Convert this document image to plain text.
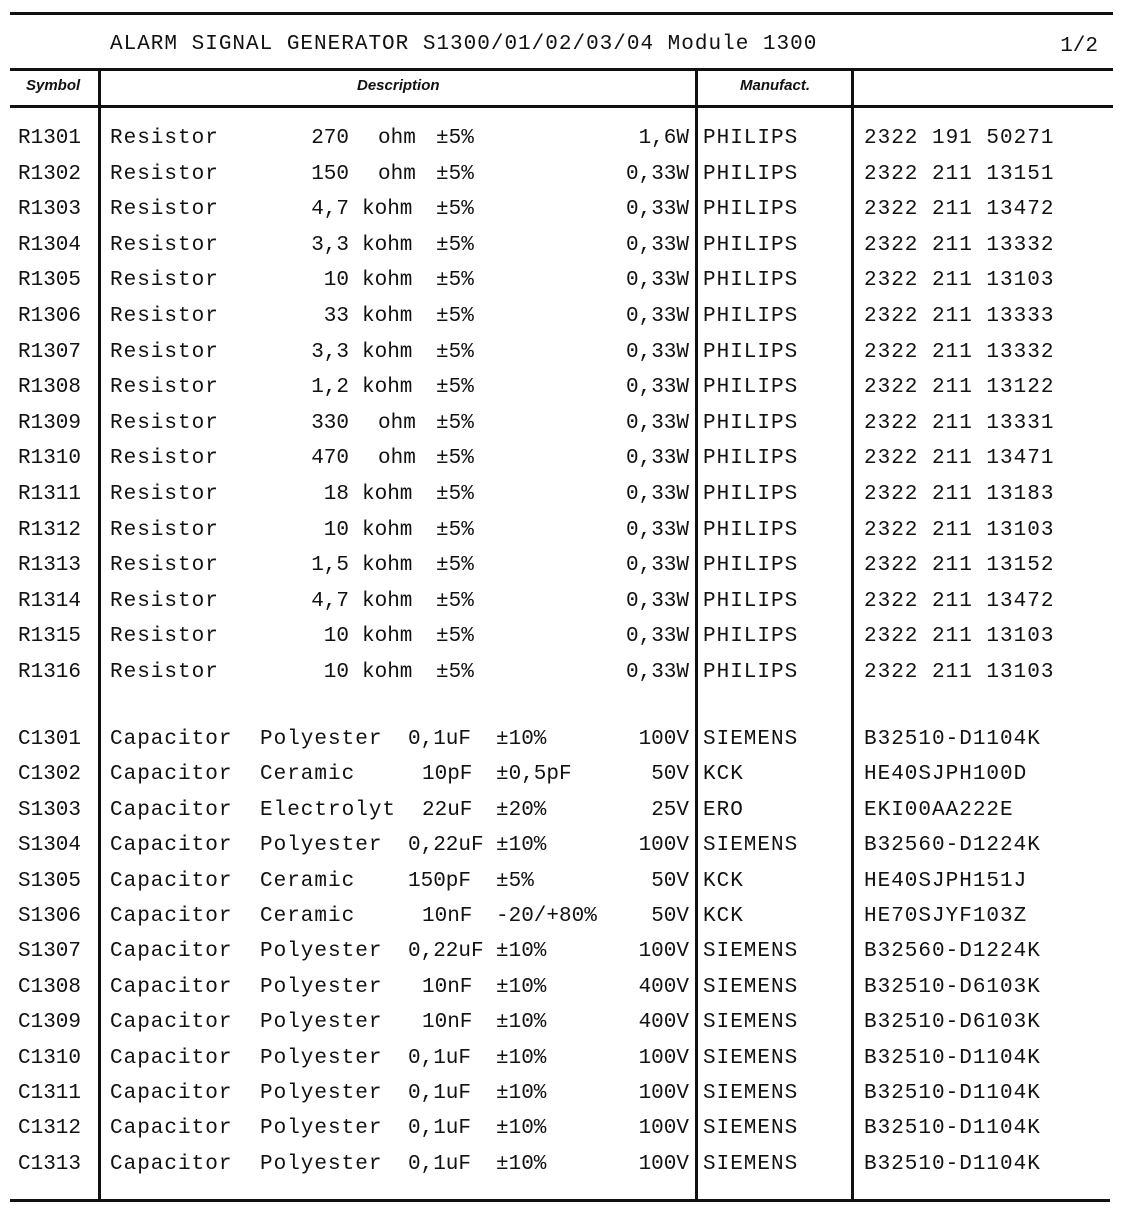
ALARM SIGNAL GENERATOR S1300/01/02/03/04 Module 1300	1/2
Symbol	Description	Manufact.
R1301 Resistor	270 ohm ±5%	1,6W PHILIPS	2322 191 50271
R1302 Resistor	150 ohm ±5%	0,33W PHILIPS	2322 211 13151
R1303 Resistor	4,7 kohm ±5%	0,33W PHILIPS	2322 211 13472
R1304 Resistor	3,3 kohm ±5%	0,33W PHILIPS	2322 211 13332
R1305 Resistor	10 kohm ±5%	0,33W PHILIPS	2322 211 13103
R1306 Resistor	33 kohm ±5%	0,33W PHILIPS	2322 211 13333
R1307 Resistor	3,3 kohm ±5%	0,33W PHILIPS	2322 211 13332
R1308 Resistor	1,2 kohm ±5%	0,33W PHILIPS	2322 211 13122
R1309 Resistor	330 ohm ±5%	0,33W PHILIPS	2322 211 13331
R1310 Resistor	470 ohm ±5%	0,33W PHILIPS	2322 211 13471
R1311 Resistor	18 kohm ±5%	0,33W PHILIPS	2322 211 13183
R1312 Resistor	10 kohm ±5%	0,33W PHILIPS	2322 211 13103
R1313 Resistor	1,5 kohm ±5%	0,33W PHILIPS	2322 211 13152
R1314 Resistor	4,7 kohm ±5%	0,33W PHILIPS	2322 211 13472
R1315 Resistor	10 kohm ±5%	0,33W PHILIPS	2322 211 13103
R1316 Resistor	10 kohm ±5%	0,33W PHILIPS	2322 211 13103
C1301 Capacitor Polyester 0,1uF ±10%	100V SIEMENS	B32510-D1104K
C1302 Capacitor Ceramic	10pF ±0,5pF	50V KCK	HE40SJPH100D
S1303 Capacitor Electrolyt 22uF ±20%	25V ERO	EKI00AA222E
S1304 Capacitor Polyester 0,22uF ±10%	100V SIEMENS	B32560-D1224K
S1305 Capacitor Ceramic	150pF ±5%	50V KCK	HE40SJPH151J
S1306 Capacitor Ceramic	10nF -20/+80%	50V KCK	HE70SJYF103Z
S1307 Capacitor Polyester 0,22uF ±10%	100V SIEMENS	B32560-D1224K
C1308 Capacitor Polyester 10nF ±10%	400V SIEMENS	B32510-D6103K
C1309 Capacitor Polyester 10nF ±10%	400V SIEMENS	B32510-D6103K
C1310 Capacitor Polyester 0,1uF ±10%	100V SIEMENS	B32510-D1104K
C1311 Capacitor Polyester 0,1uF ±10%	100V SIEMENS	B32510-D1104K
C1312 Capacitor Polyester 0,1uF ±10%	100V SIEMENS	B32510-D1104K
C1313 Capacitor Polyester 0,1uF ±10%	100V SIEMENS	B32510-D1104K
